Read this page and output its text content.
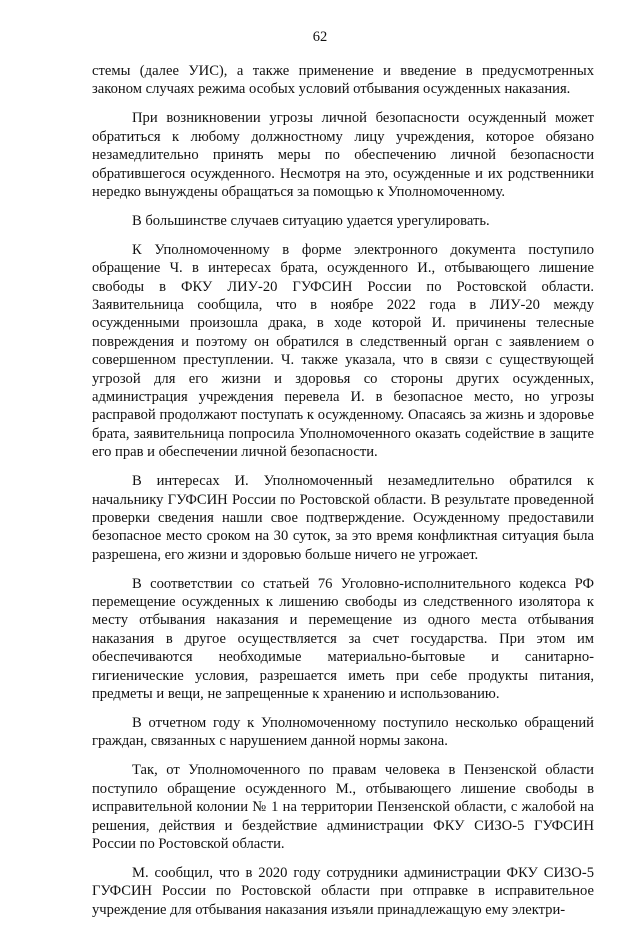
62

стемы (далее УИС), а также применение и введение в предусмотренных законом случаях режима особых условий отбывания осужденных наказания.

При возникновении угрозы личной безопасности осужденный может обратиться к любому должностному лицу учреждения, которое обязано незамедлительно принять меры по обеспечению личной безопасности обратившегося осужденного. Несмотря на это, осужденные и их родственники нередко вынуждены обращаться за помощью к Уполномоченному.

В большинстве случаев ситуацию удается урегулировать.

К Уполномоченному в форме электронного документа поступило обращение Ч. в интересах брата, осужденного И., отбывающего лишение свободы в ФКУ ЛИУ-20 ГУФСИН России по Ростовской области. Заявительница сообщила, что в ноябре 2022 года в ЛИУ-20 между осужденными произошла драка, в ходе которой И. причинены телесные повреждения и поэтому он обратился в следственный орган с заявлением о совершенном преступлении. Ч. также указала, что в связи с существующей угрозой для его жизни и здоровья со стороны других осужденных, администрация учреждения перевела И. в безопасное место, но угрозы расправой продолжают поступать к осужденному. Опасаясь за жизнь и здоровье брата, заявительница попросила Уполномоченного оказать содействие в защите его прав и обеспечении личной безопасности.

В интересах И. Уполномоченный незамедлительно обратился к начальнику ГУФСИН России по Ростовской области. В результате проведенной проверки сведения нашли свое подтверждение. Осужденному предоставили безопасное место сроком на 30 суток, за это время конфликтная ситуация была разрешена, его жизни и здоровью больше ничего не угрожает.

В соответствии со статьей 76 Уголовно-исполнительного кодекса РФ перемещение осужденных к лишению свободы из следственного изолятора к месту отбывания наказания и перемещение из одного места отбывания наказания в другое осуществляется за счет государства. При этом им обеспечиваются необходимые материально-бытовые и санитарно-гигиенические условия, разрешается иметь при себе продукты питания, предметы и вещи, не запрещенные к хранению и использованию.

В отчетном году к Уполномоченному поступило несколько обращений граждан, связанных с нарушением данной нормы закона.

Так, от Уполномоченного по правам человека в Пензенской области поступило обращение осужденного М., отбывающего лишение свободы в исправительной колонии № 1 на территории Пензенской области, с жалобой на решения, действия и бездействие администрации ФКУ СИЗО-5 ГУФСИН России по Ростовской области.

М. сообщил, что в 2020 году сотрудники администрации ФКУ СИЗО-5 ГУФСИН России по Ростовской области при отправке в исправительное учреждение для отбывания наказания изъяли принадлежащую ему электри-
